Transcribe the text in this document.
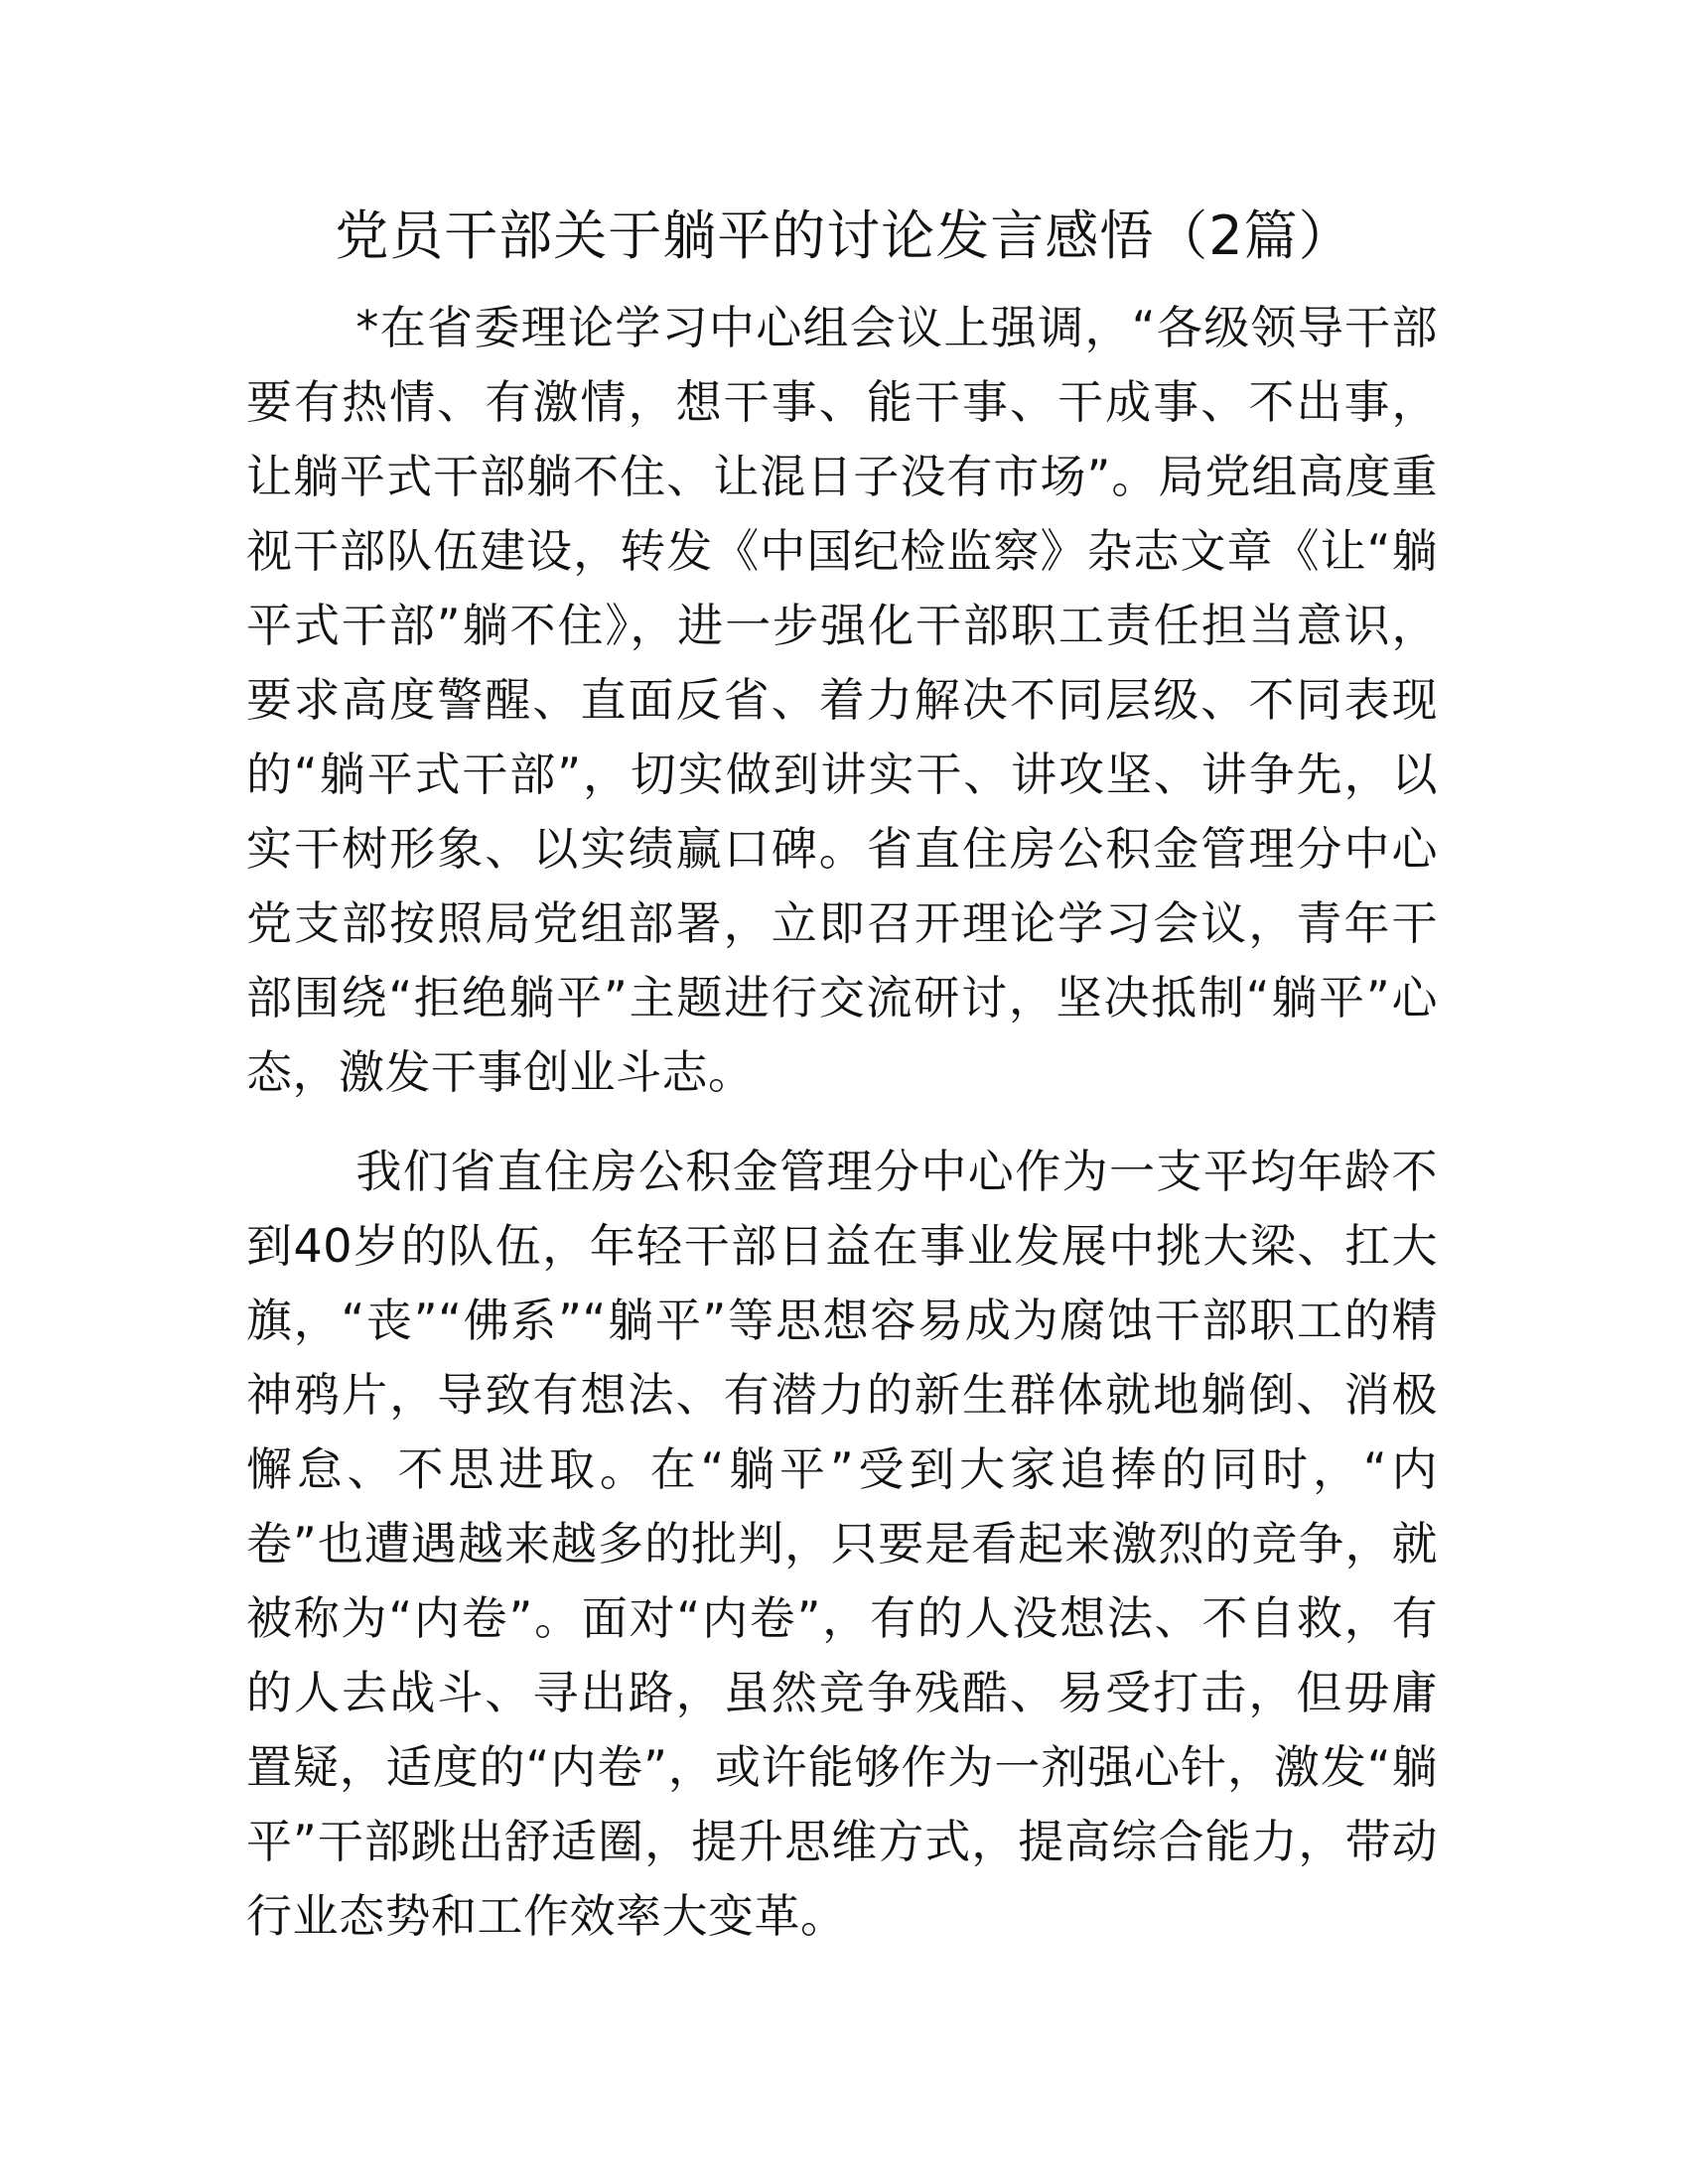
党员干部关于躺平的讨论发言感悟（2篇）

*在省委理论学习中心组会议上强调，“各级领导干部要有热情、有激情，想干事、能干事、干成事、不出事，让躺平式干部躺不住、让混日子没有市场”。局党组高度重视干部队伍建设，转发《中国纪检监察》杂志文章《让“躺平式干部”躺不住》，进一步强化干部职工责任担当意识，要求高度警醒、直面反省、着力解决不同层级、不同表现的“躺平式干部”，切实做到讲实干、讲攻坚、讲争先，以实干树形象、以实绩赢口碑。省直住房公积金管理分中心党支部按照局党组部署，立即召开理论学习会议，青年干部围绕“拒绝躺平”主题进行交流研讨，坚决抵制“躺平”心态，激发干事创业斗志。

我们省直住房公积金管理分中心作为一支平均年龄不到40岁的队伍，年轻干部日益在事业发展中挑大梁、扛大旗，“丧”“佛系”“躺平”等思想容易成为腐蚀干部职工的精神鸦片，导致有想法、有潜力的新生群体就地躺倒、消极懈怠、不思进取。在“躺平”受到大家追捧的同时，“内卷”也遭遇越来越多的批判，只要是看起来激烈的竞争，就被称为“内卷”。面对“内卷”，有的人没想法、不自救，有的人去战斗、寻出路，虽然竞争残酷、易受打击，但毋庸置疑，适度的“内卷”，或许能够作为一剂强心针，激发“躺平”干部跳出舒适圈，提升思维方式，提高综合能力，带动行业态势和工作效率大变革。
